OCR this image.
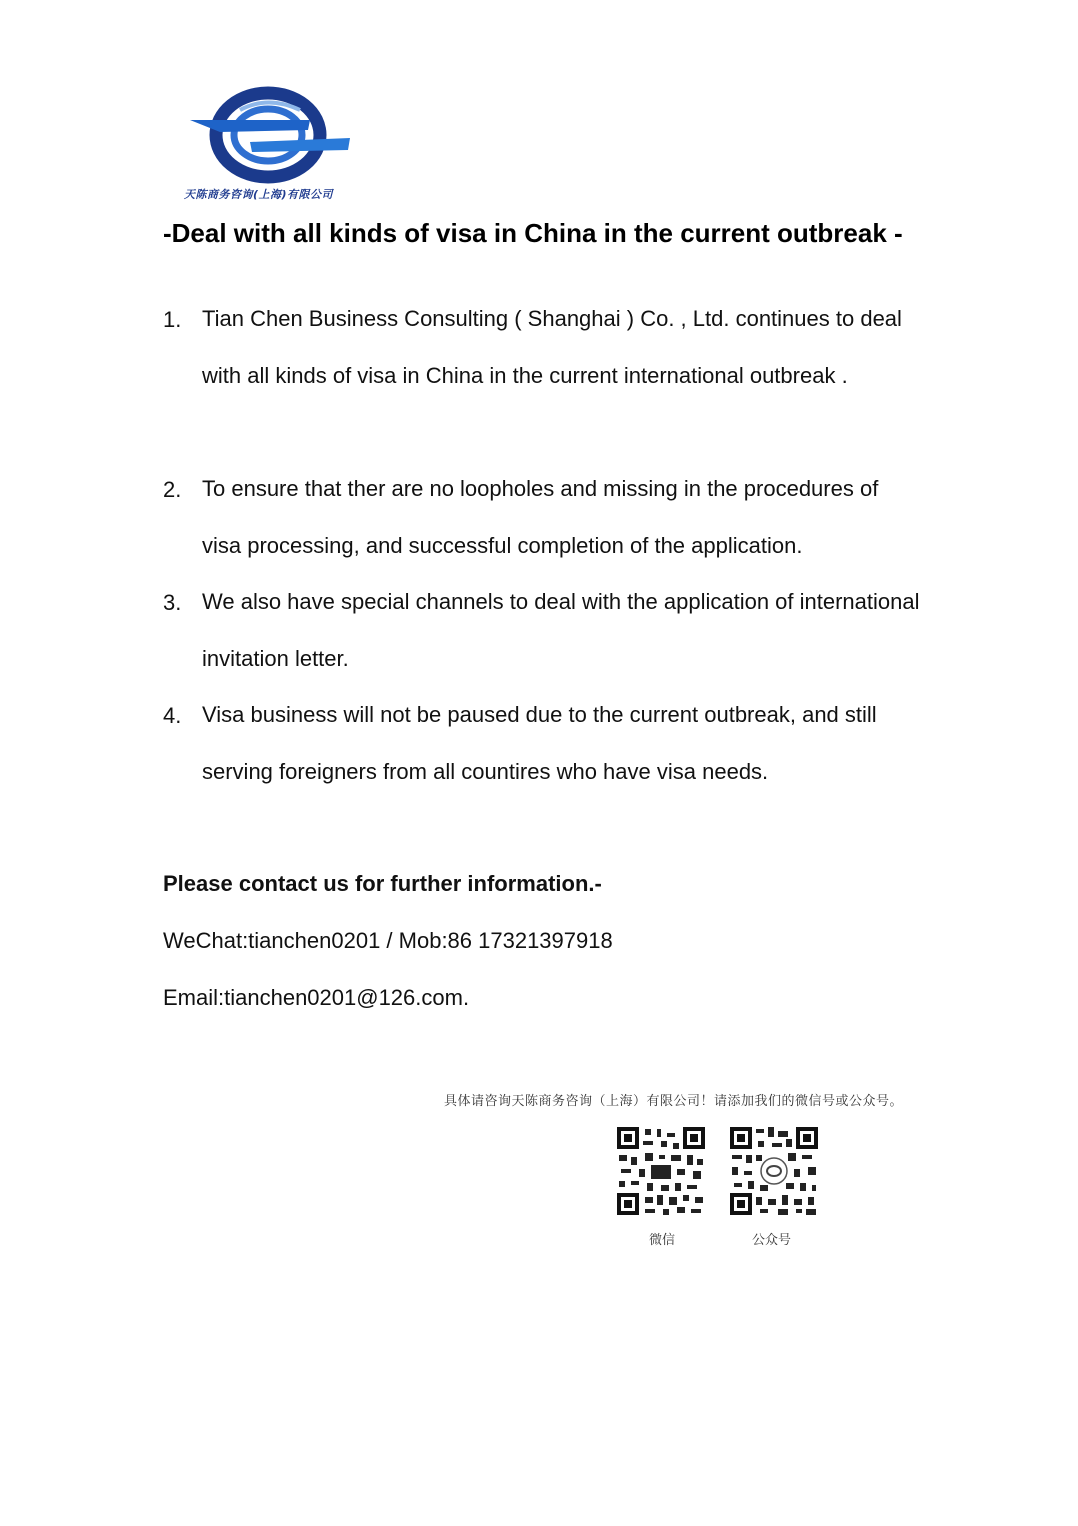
天陈商务咨询(上海)有限公司
-Deal with all kinds of visa in China in the current outbreak -
1. Tian Chen Business Consulting ( Shanghai ) Co. , Ltd. continues to deal with all kinds of visa in China in the current international outbreak .
2. To ensure that ther are no loopholes and missing in the procedures of visa processing, and successful completion of the application.
3. We also have special channels to deal with the application of international invitation letter.
4. Visa business will not be paused due to the current outbreak, and still serving foreigners from all countires who have visa needs.
Please contact us for further information.-
WeChat:tianchen0201 / Mob:86 17321397918
Email:tianchen0201@126.com.
具体请咨询天陈商务咨询（上海）有限公司！请添加我们的微信号或公众号。
微信	公众号
